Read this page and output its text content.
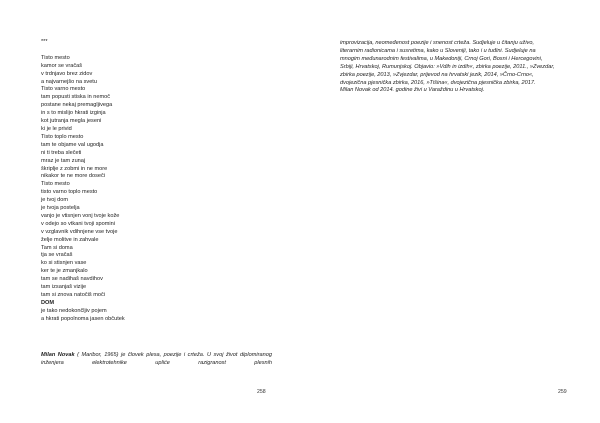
***

Tisto mesto
kamor se vračaš
v trdnjavo brez zidov
a najvarnejšo na svetu
Tisto varno mesto
tam popusti stiska in nemoč
postane nekaj premagljivega
in s to mislijo hkrati izginja
kot jutranja megla jeseni
ki je le privid
Tisto toplo mesto
tam te objame val ugodja
ni ti treba slečeti
mraz je tam zunaj
škriplje z zobmi in ne more
nikakor te ne more doseči
Tisto mesto
tisto varno toplo mesto
je tvoj dom
je tvoja postelja
vanjo je vtisnjen vonj tvoje kože
v odejo so vtkani tvoji spomini
v vzglavnik vdihnjene vse tvoje
želje molitve in zahvale
Tam si doma
tja se vračaš
ko si stisnjen vase
ker te je zmanjkalo
tam se nadihaš navdihov
tam izsanjaš vizije
tam si znova natočiš moči
DOM
je tako nedokončljiv pojem
a hkrati popolnoma jasen občutek
Milan Novak ( Maribor, 1965) je človek plesa, poezije i crteža. U svoj život diplomiranog inženjera elektrotehnike upliće razigranost plesnih
258

improvizacija, neomeđenost poezije i snenost crteža. Sudjeluje u čitanju uživo, literarnim radionicama i susretima, kako u Sloveniji, tako i u tuđini. Sudjeluje na mnogim međunarodnim festivalima, u Makedoniji, Crnoj Gori, Bosni i Hercegovini, Srbiji, Hrvatskoj, Rumunjskoj. Objavio: »Vdih in izdih«, zbirka poezije, 2011., »Zvezdar, zbirka poezije, 2013, »Zvjezdar, prijevod na hrvatski jezik, 2014, »Črno-Crno«, dvojezična pjesnička zbirka, 2016, »Tišina«, dvojezična pjesnička zbirka, 2017.

Milan Novak od 2014. godine živi u Varaždinu u Hrvatskoj.

259
